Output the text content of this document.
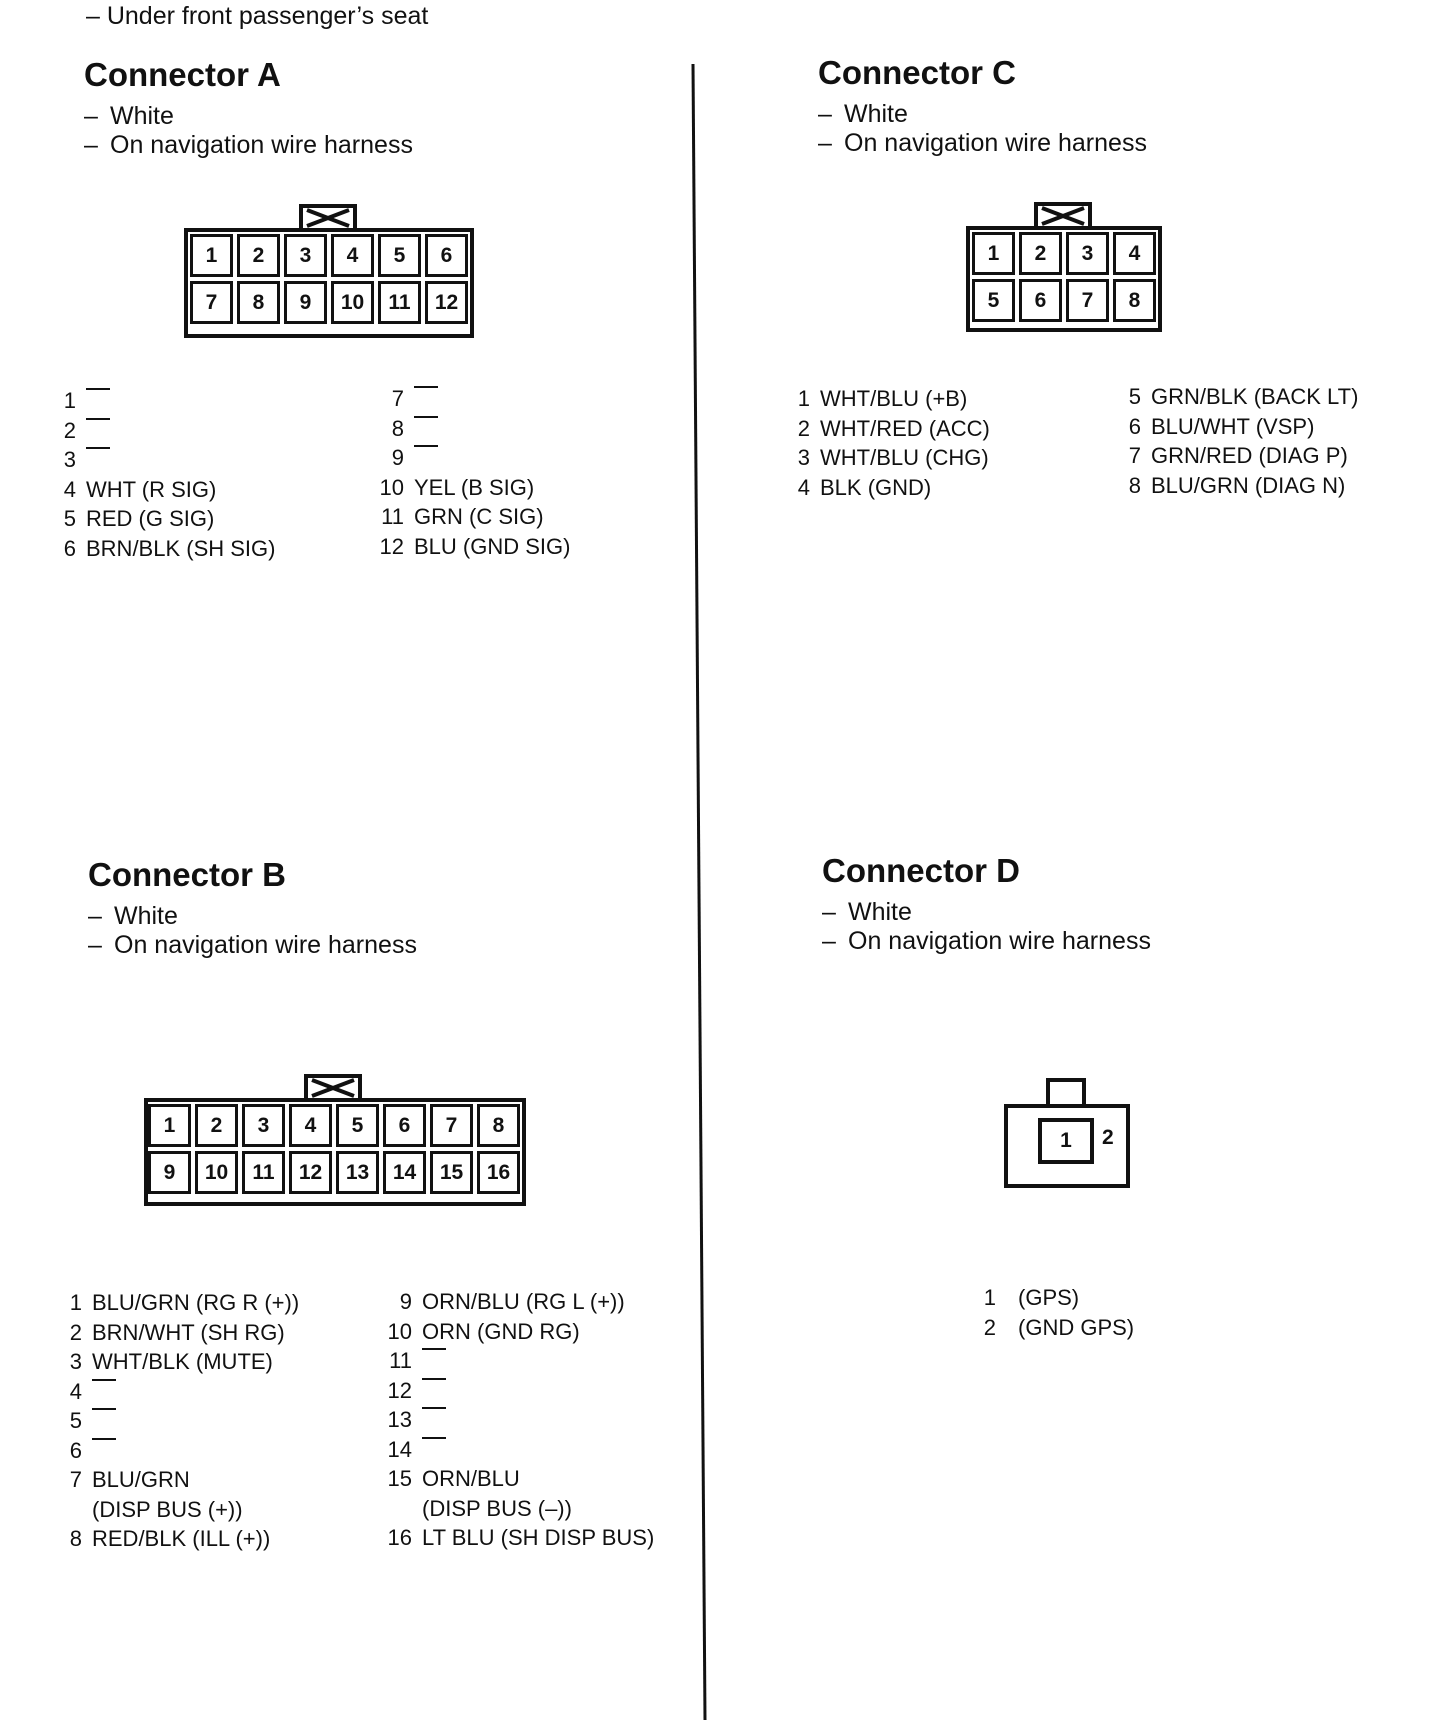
– Under front passenger’s seat
Connector A
– White
– On navigation wire harness
1	2	3	4	5	6
7	8	9	10	11	12
1
2
3
4 WHT (R SIG)
5 RED (G SIG)
6 BRN/BLK (SH SIG)
7
8
9
10 YEL (B SIG)
11 GRN (C SIG)
12 BLU (GND SIG)
Connector C
– White
– On navigation wire harness
1	2	3	4
5	6	7	8
1 WHT/BLU (+B)
2 WHT/RED (ACC)
3 WHT/BLU (CHG)
4 BLK (GND)
5 GRN/BLK (BACK LT)
6 BLU/WHT (VSP)
7 GRN/RED (DIAG P)
8 BLU/GRN (DIAG N)
Connector B
– White
– On navigation wire harness
1	2	3	4	5	6	7	8
9	10	11	12	13	14	15	16
1 BLU/GRN (RG R (+))
2 BRN/WHT (SH RG)
3 WHT/BLK (MUTE)
4
5
6
7 BLU/GRN
(DISP BUS (+))
8 RED/BLK (ILL (+))
9 ORN/BLU (RG L (+))
10 ORN (GND RG)
11
12
13
14
15 ORN/BLU
(DISP BUS (–))
16 LT BLU (SH DISP BUS)
Connector D
– White
– On navigation wire harness
1	2
1 (GPS)
2 (GND GPS)
